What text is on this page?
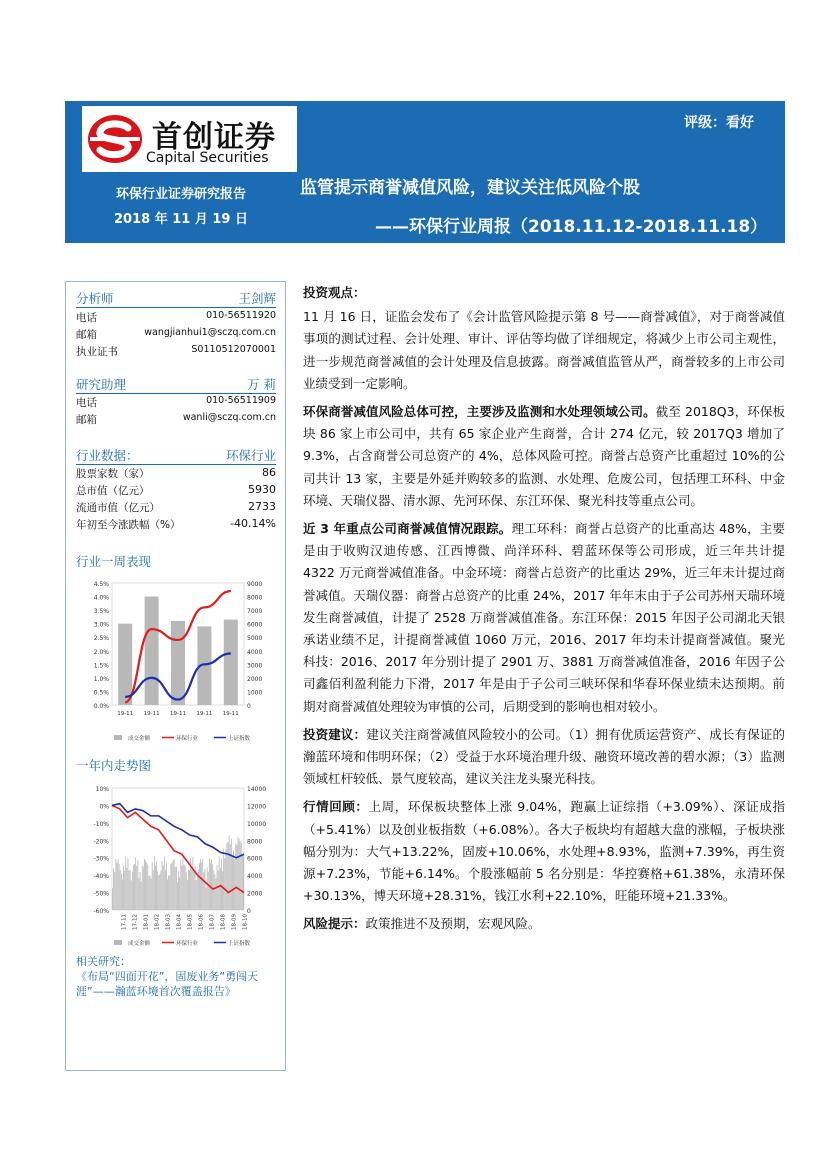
首创证券
Capital Securities
评级：看好
环保行业证券研究报告
2018 年 11 月 19 日
监管提示商誉减值风险，建议关注低风险个股
——环保行业周报（2018.11.12-2018.11.18）
分析师	王剑辉
电话	010-56511920
邮箱	wangjianhui1@sczq.com.cn
执业证书	S0110512070001
研究助理	万 莉
电话	010-56511909
邮箱	wanli@sczq.com.cn
行业数据：	环保行业
股票家数（家）	86
总市值（亿元）	5930
流通市值（亿元）	2733
年初至今涨跌幅（%）	-40.14%
行业一周表现
4.5%
4.0%
3.5%
3.0%
2.5%
2.0%
1.5%
1.0%
0.5%
0.0%
9000
8000
7000
6000
5000
4000
3000
2000
1000
0
19-11 19-11 19-11 19-11 19-11
成交金额	环保行业	上证指数
一年内走势图
10%
0%
-10%
-20%
-30%
-40%
-50%
-60%
14000
12000
10000
8000
6000
4000
2000
0
17-11 17-12 18-01 18-02 18-03 18-04 18-05 18-06 18-07 18-08 18-09 18-10
成交金额	环保行业	上证指数
相关研究：
《布局“四面开花”，固废业务“勇闯天涯”——瀚蓝环境首次覆盖报告》
投资观点：
11 月 16 日，证监会发布了《会计监管风险提示第 8 号——商誉减值》，对于商誉减值事项的测试过程、会计处理、审计、评估等均做了详细规定，将减少上市公司主观性，进一步规范商誉减值的会计处理及信息披露。商誉减值监管从严，商誉较多的上市公司业绩受到一定影响。
环保商誉减值风险总体可控，主要涉及监测和水处理领域公司。截至 2018Q3，环保板块 86 家上市公司中，共有 65 家企业产生商誉，合计 274 亿元，较 2017Q3 增加了 9.3%，占含商誉公司总资产的 4%，总体风险可控。商誉占总资产比重超过 10%的公司共计 13 家，主要是外延并购较多的监测、水处理、危废公司，包括理工环科、中金环境、天瑞仪器、清水源、先河环保、东江环保、聚光科技等重点公司。
近 3 年重点公司商誉减值情况跟踪。理工环科：商誉占总资产的比重高达 48%，主要是由于收购汉迪传感、江西博微、尚洋环科、碧蓝环保等公司形成，近三年共计提 4322 万元商誉减值准备。中金环境：商誉占总资产的比重达 29%，近三年未计提过商誉减值。天瑞仪器：商誉占总资产的比重 24%，2017 年年末由于子公司苏州天瑞环境发生商誉减值，计提了 2528 万商誉减值准备。东江环保：2015 年因子公司湖北天银承诺业绩不足，计提商誉减值 1060 万元，2016、2017 年均未计提商誉减值。聚光科技：2016、2017 年分别计提了 2901 万、3881 万商誉减值准备，2016 年因子公司鑫佰利盈利能力下滑，2017 年是由于子公司三峡环保和华春环保业绩未达预期。前期对商誉减值处理较为审慎的公司，后期受到的影响也相对较小。
投资建议：建议关注商誉减值风险较小的公司。（1）拥有优质运营资产、成长有保证的瀚蓝环境和伟明环保；（2）受益于水环境治理升级、融资环境改善的碧水源；（3）监测领域杠杆较低、景气度较高，建议关注龙头聚光科技。
行情回顾：上周，环保板块整体上涨 9.04%，跑赢上证综指（+3.09%）、深证成指（+5.41%）以及创业板指数（+6.08%）。各大子板块均有超越大盘的涨幅，子板块涨幅分别为：大气+13.22%，固废+10.06%，水处理+8.93%，监测+7.39%，再生资源+7.23%，节能+6.14%。个股涨幅前 5 名分别是：华控赛格+61.38%，永清环保+30.13%，博天环境+28.31%，钱江水利+22.10%，旺能环境+21.33%。
风险提示：政策推进不及预期，宏观风险。
